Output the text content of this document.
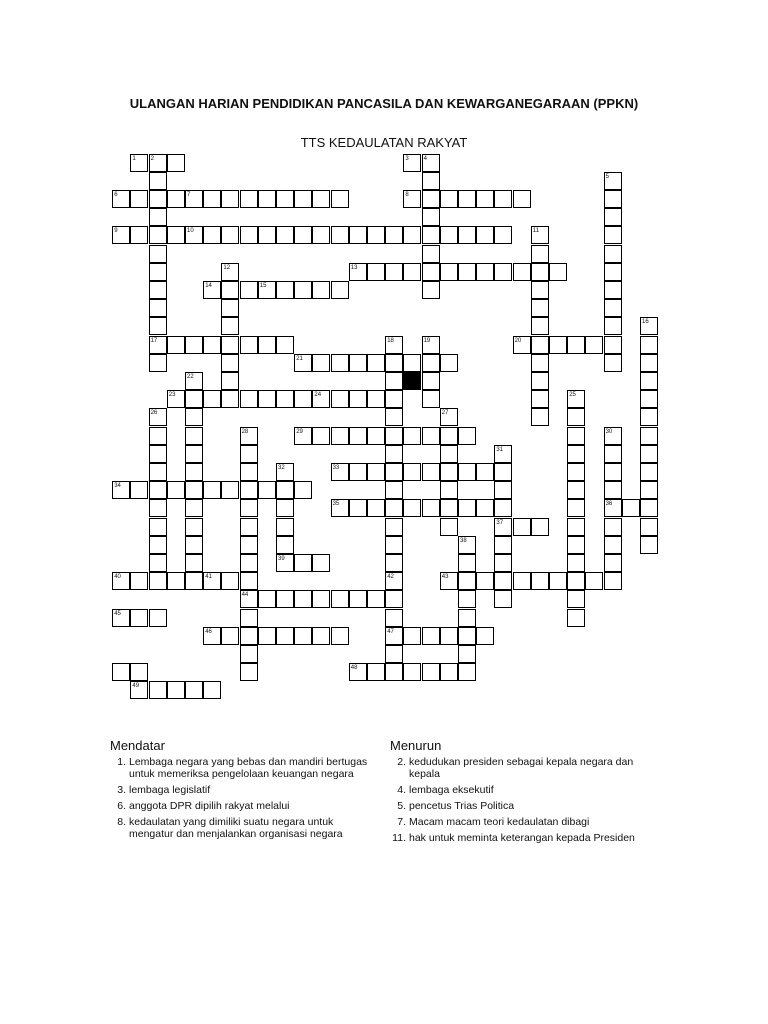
ULANGAN HARIAN PENDIDIKAN PANCASILA DAN KEWARGANEGARAAN (PPKN)
TTS KEDAULATAN RAKYAT
1 2
17
3 4
5
6	7	8
9	10	11
12	13
14	15
16
18	19	20
21
22
23	24	25
26	27
28
44
29	30
36
31
37
32	33
34
35
38
39
40	41	42
47
43
45
46
48
49
Mendatar
1. Lembaga negara yang bebas dan mandiri bertugas untuk memeriksa pengelolaan keuangan negara
3. lembaga legislatif
6. anggota DPR dipilih rakyat melalui
8. kedaulatan yang dimiliki suatu negara untuk mengatur dan menjalankan organisasi negara
Menurun
2. kedudukan presiden sebagai kepala negara dan kepala
4. lembaga eksekutif
5. pencetus Trias Politica
7. Macam macam teori kedaulatan dibagi
11. hak untuk meminta keterangan kepada Presiden
